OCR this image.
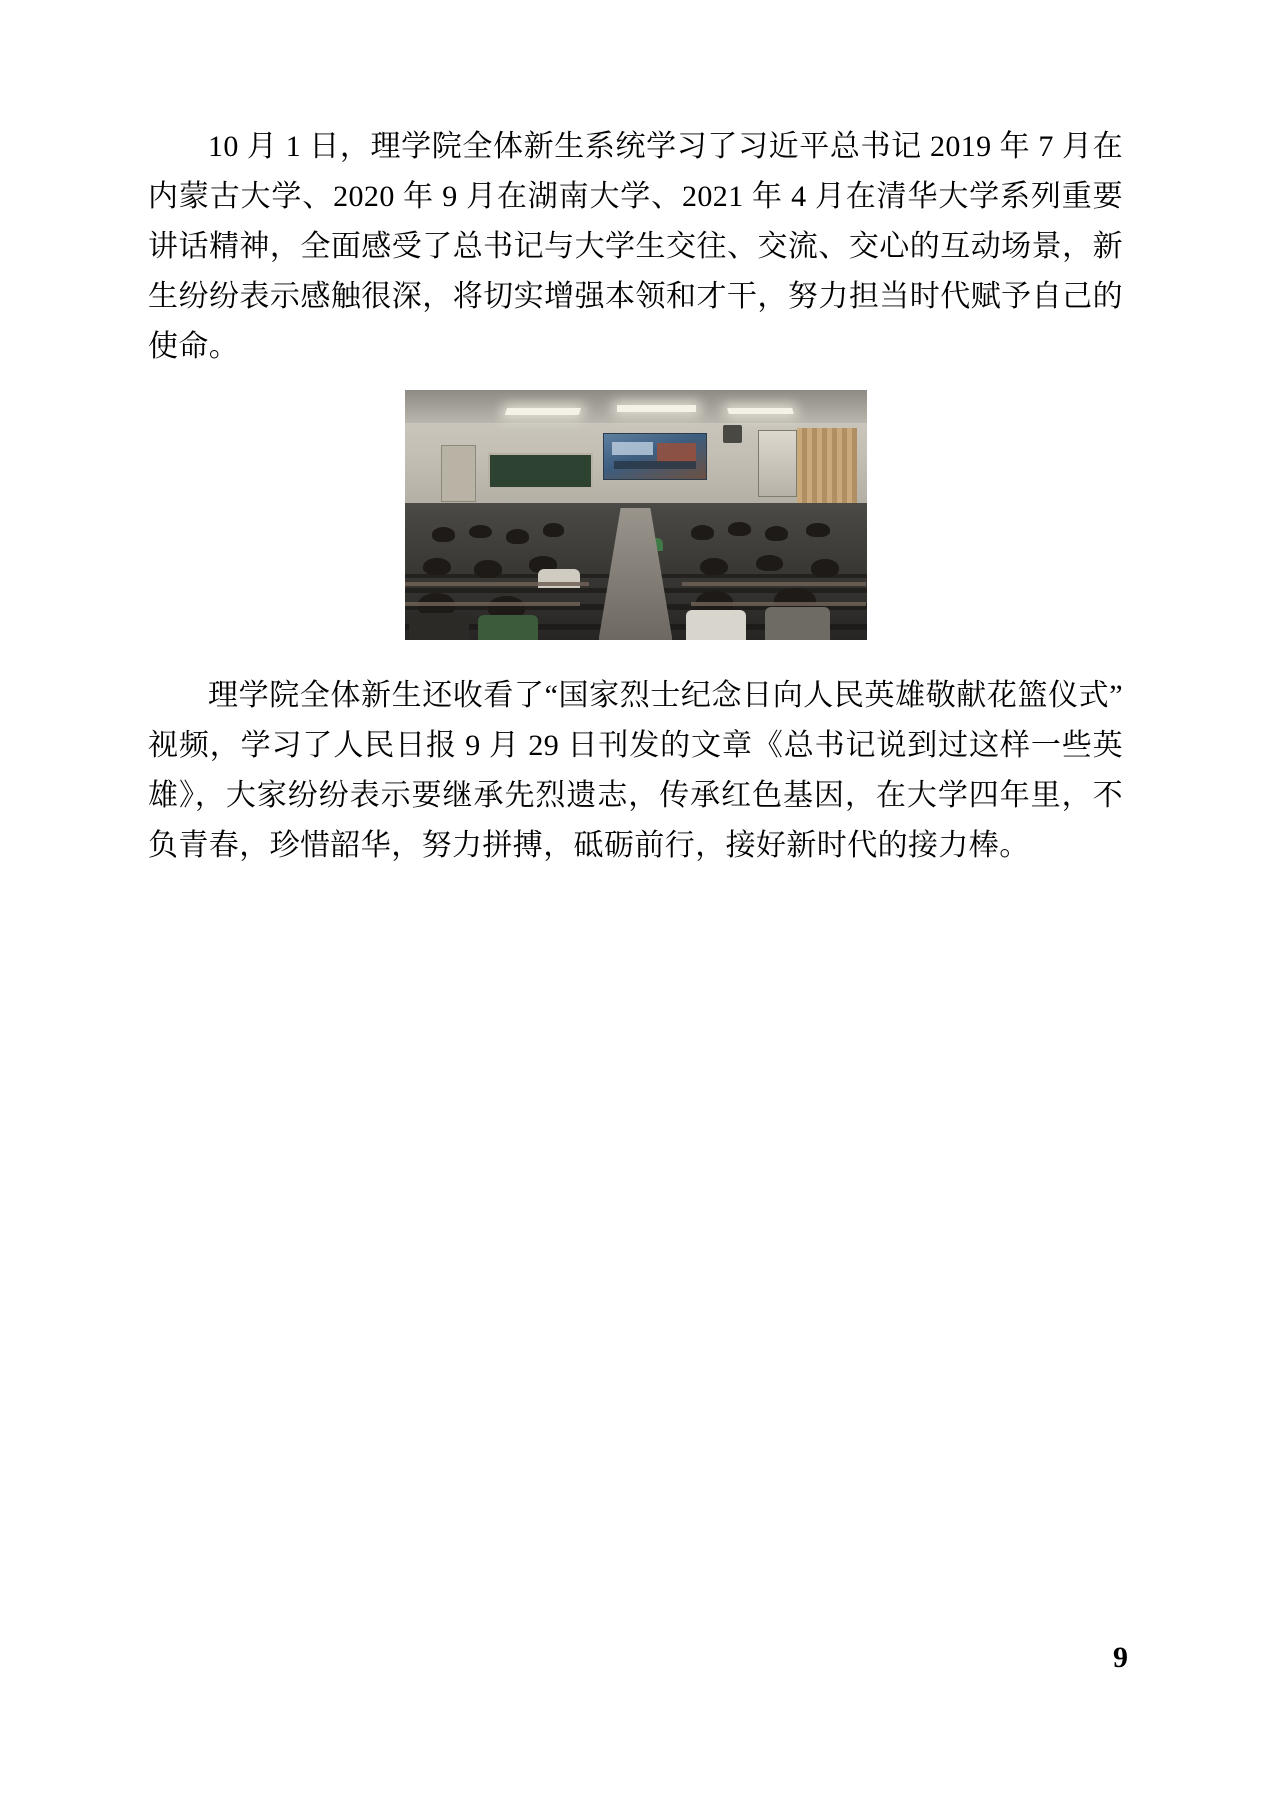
10 月 1 日，理学院全体新生系统学习了习近平总书记 2019 年 7 月在内蒙古大学、2020 年 9 月在湖南大学、2021 年 4 月在清华大学系列重要讲话精神，全面感受了总书记与大学生交往、交流、交心的互动场景，新生纷纷表示感触很深，将切实增强本领和才干，努力担当时代赋予自己的使命。

理学院全体新生还收看了“国家烈士纪念日向人民英雄敬献花篮仪式”视频，学习了人民日报 9 月 29 日刊发的文章《总书记说到过这样一些英雄》，大家纷纷表示要继承先烈遗志，传承红色基因，在大学四年里，不负青春，珍惜韶华，努力拼搏，砥砺前行，接好新时代的接力棒。

9
